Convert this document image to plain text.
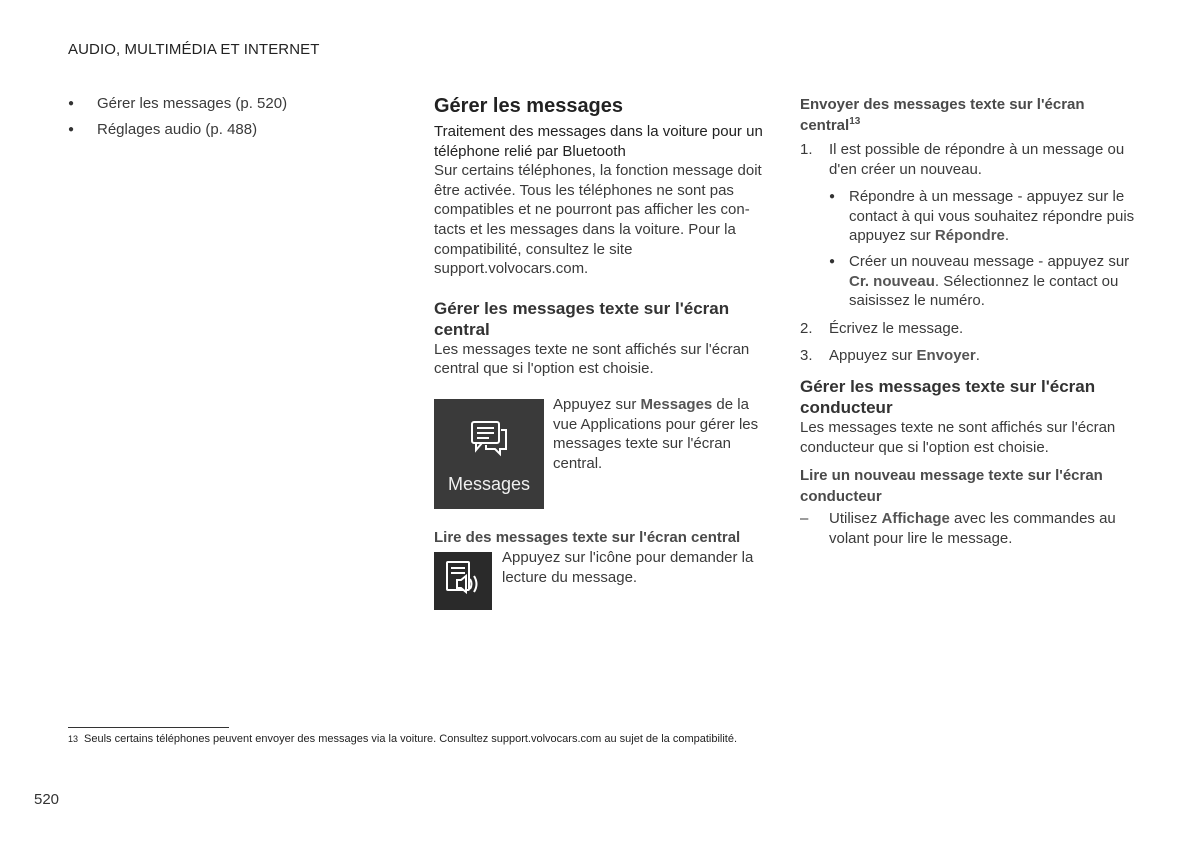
AUDIO, MULTIMÉDIA ET INTERNET
● Gérer les messages (p. 520)
● Réglages audio (p. 488)
Gérer les messages

Traitement des messages dans la voiture pour un téléphone relié par Bluetooth

Sur certains téléphones, la fonction message doit être activée. Tous les téléphones ne sont pas compatibles et ne pourront pas afficher les con-tacts et les messages dans la voiture. Pour la compatibilité, consultez le site support.volvocars.com.

Gérer les messages texte sur l'écran central

Les messages texte ne sont affichés sur l'écran central que si l'option est choisie.

Messages

Appuyez sur Messages de la vue Applications pour gérer les messages texte sur l'écran central.

Lire des messages texte sur l'écran central

Appuyez sur l'icône pour demander la lecture du message.

Envoyer des messages texte sur l'écran central$^{13}$
1. Il est possible de répondre à un message ou d'en créer un nouveau.
● Répondre à un message - appuyez sur le contact à qui vous souhaitez répondre puis appuyez sur Répondre.
● Créer un nouveau message - appuyez sur Cr. nouveau. Sélectionnez le contact ou saisissez le numéro.
2. Écrivez le message.
3. Appuyez sur Envoyer.
Gérer les messages texte sur l'écran conducteur

Les messages texte ne sont affichés sur l'écran conducteur que si l'option est choisie.

Lire un nouveau message texte sur l'écran conducteur
– Utilisez Affichage avec les commandes au volant pour lire le message.
13 Seuls certains téléphones peuvent envoyer des messages via la voiture. Consultez support.volvocars.com au sujet de la compatibilité.
520
